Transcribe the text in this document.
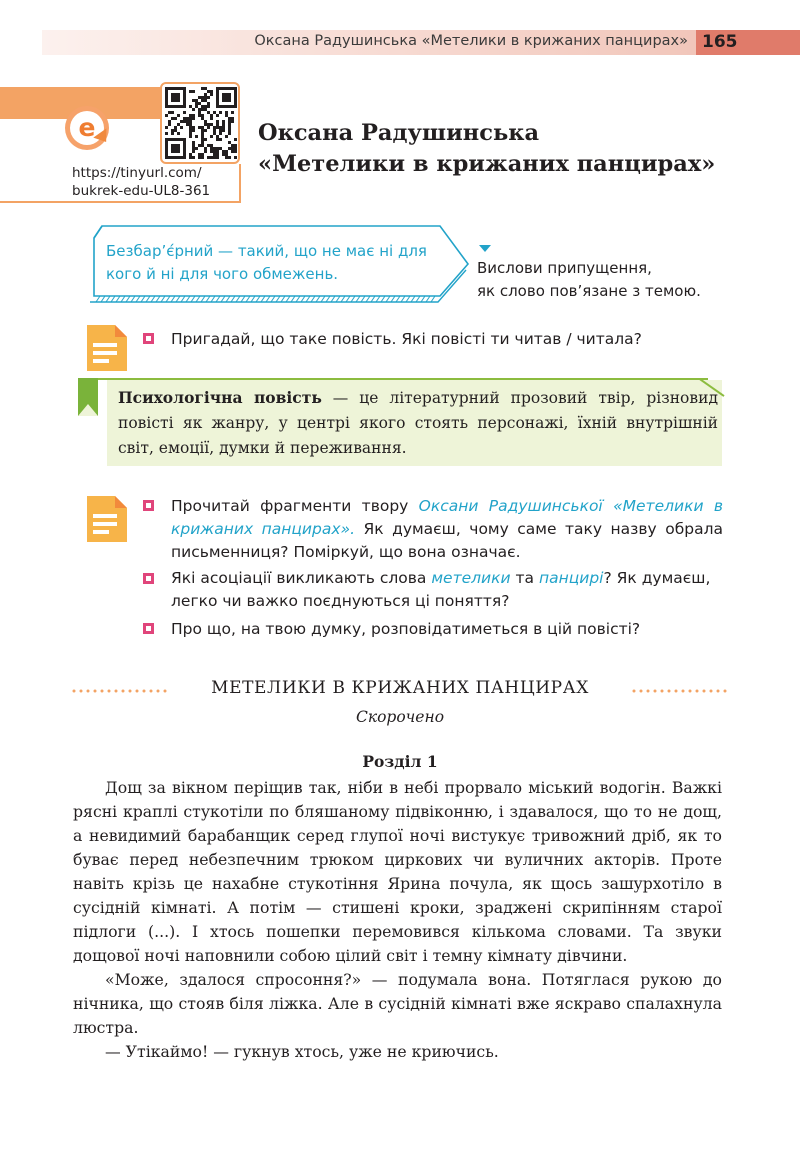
Оксана Радушинська «Метелики в крижаних панцирах» 165
e
https://tinyurl.com/
bukrek-edu-UL8-361
Оксана Радушинська
«Метелики в крижаних панцирах»
Безбар’є́рний — такий, що не має ні для кого й ні для чого обмежень.	Вислови припущення,
як слово пов’язане з темою.
Пригадай, що таке повість. Які повісті ти читав / читала?
Психологічна повість — це літературний прозовий твір, різновид повісті як жанру, у центрі якого стоять персонажі, їхній внутрішній світ, емоції, думки й переживання.
Прочитай фрагменти твору Оксани Радушинської «Метелики в крижаних панцирах». Як думаєш, чому саме таку назву обрала письменниця? Поміркуй, що вона означає.
Які асоціації викликають слова метелики та панцирі? Як думаєш, легко чи важко поєднуються ці поняття?
Про що, на твою думку, розповідатиметься в цій повісті?
МЕТЕЛИКИ В КРИЖАНИХ ПАНЦИРАХ
Скорочено
Розділ 1

Дощ за вікном періщив так, ніби в небі прорвало міський водогін. Важкі рясні краплі стукотіли по бляшаному підвіконню, і здавалося, що то не дощ, а невидимий барабанщик серед глупої ночі вистукує тривожний дріб, як то буває перед небезпечним трюком циркових чи вуличних акторів. Проте навіть крізь це нахабне стукотіння Ярина почула, як щось зашурхотіло в сусідній кімнаті. А потім — стишені кроки, зраджені скрипінням старої підлоги (...). І хтось пошепки перемовився кількома словами. Та звуки дощової ночі наповнили собою цілий світ і темну кімнату дівчини.

«Може, здалося спросоння?» — подумала вона. Потяглася рукою до нічника, що стояв біля ліжка. Але в сусідній кімнаті вже яскраво спалахнула люстра.

— Утікаймо! — гукнув хтось, уже не криючись.
